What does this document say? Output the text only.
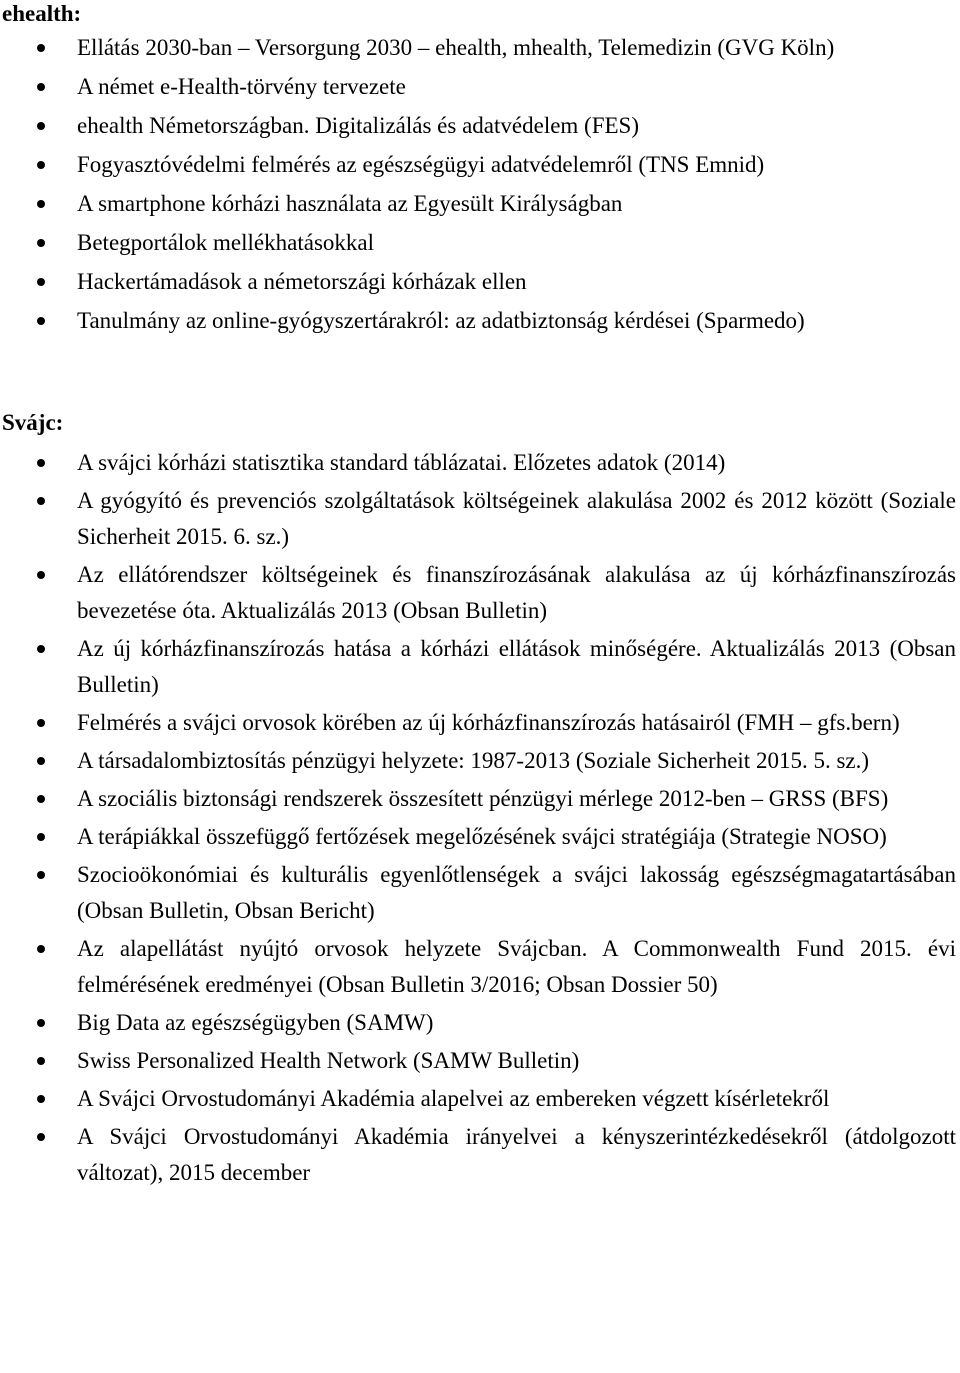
ehealth:
Ellátás 2030-ban – Versorgung 2030 – ehealth, mhealth, Telemedizin (GVG Köln)
A német e-Health-törvény tervezete
ehealth Németországban. Digitalizálás és adatvédelem (FES)
Fogyasztóvédelmi felmérés az egészségügyi adatvédelemről (TNS Emnid)
A smartphone kórházi használata az Egyesült Királyságban
Betegportálok mellékhatásokkal
Hackertámadások a németországi kórházak ellen
Tanulmány az online-gyógyszertárakról: az adatbiztonság kérdései (Sparmedo)
Svájc:
A svájci kórházi statisztika standard táblázatai. Előzetes adatok (2014)
A gyógyító és prevenciós szolgáltatások költségeinek alakulása 2002 és 2012 között (Soziale Sicherheit 2015. 6. sz.)
Az ellátórendszer költségeinek és finanszírozásának alakulása az új kórházfinanszírozás bevezetése óta. Aktualizálás 2013 (Obsan Bulletin)
Az új kórházfinanszírozás hatása a kórházi ellátások minőségére. Aktualizálás 2013 (Obsan Bulletin)
Felmérés a svájci orvosok körében az új kórházfinanszírozás hatásairól (FMH – gfs.bern)
A társadalombiztosítás pénzügyi helyzete: 1987-2013 (Soziale Sicherheit 2015. 5. sz.)
A szociális biztonsági rendszerek összesített pénzügyi mérlege 2012-ben – GRSS (BFS)
A terápiákkal összefüggő fertőzések megelőzésének svájci stratégiája (Strategie NOSO)
Szocioökonómiai és kulturális egyenlőtlenségek a svájci lakosság egészségmagatartásában (Obsan Bulletin, Obsan Bericht)
Az alapellátást nyújtó orvosok helyzete Svájcban. A Commonwealth Fund 2015. évi felmérésének eredményei (Obsan Bulletin 3/2016; Obsan Dossier 50)
Big Data az egészségügyben (SAMW)
Swiss Personalized Health Network (SAMW Bulletin)
A Svájci Orvostudományi Akadémia alapelvei az embereken végzett kísérletekről
A Svájci Orvostudományi Akadémia irányelvei a kényszerintézkedésekről (átdolgozott változat), 2015 december
